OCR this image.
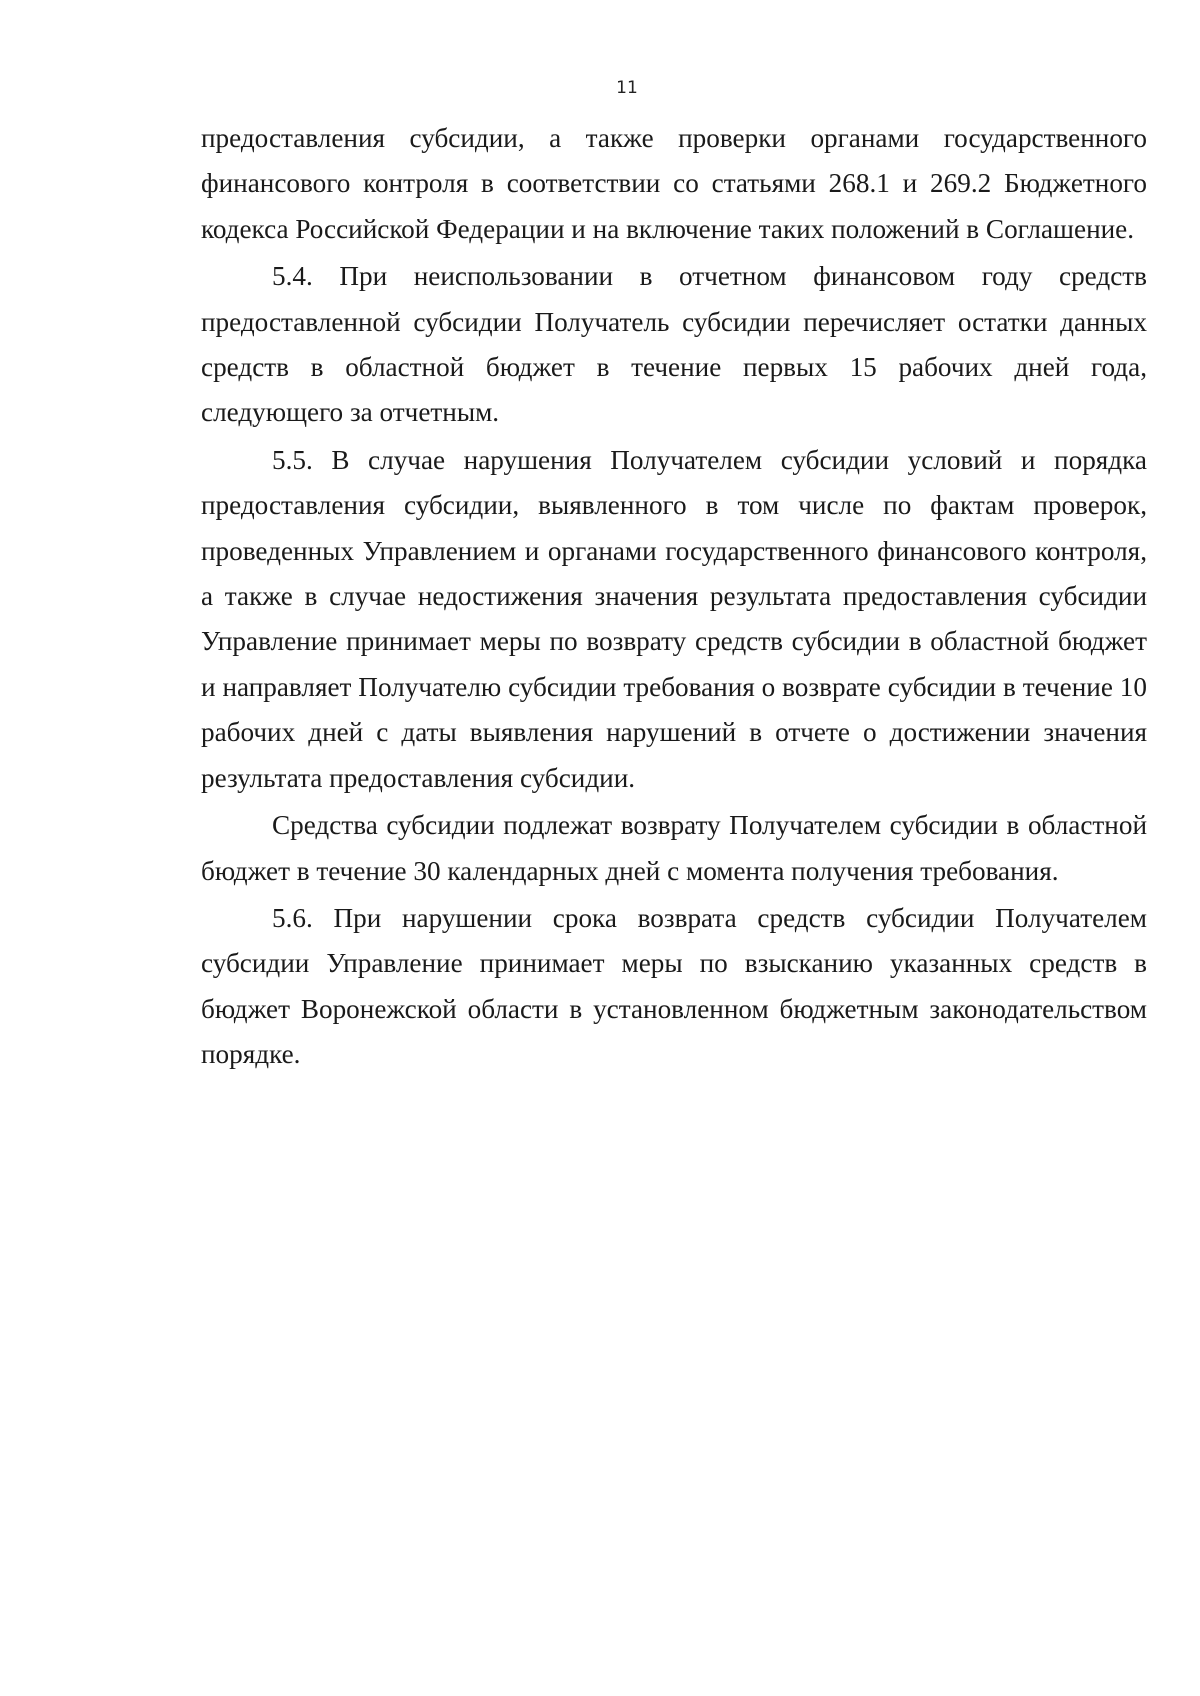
11

предоставления субсидии, а также проверки органами государственного финансового контроля в соответствии со статьями 268.1 и 269.2 Бюджетного кодекса Российской Федерации и на включение таких положений в Соглашение.

5.4. При неиспользовании в отчетном финансовом году средств предоставленной субсидии Получатель субсидии перечисляет остатки данных средств в областной бюджет в течение первых 15 рабочих дней года, следующего за отчетным.

5.5. В случае нарушения Получателем субсидии условий и порядка предоставления субсидии, выявленного в том числе по фактам проверок, проведенных Управлением и органами государственного финансового контроля, а также в случае недостижения значения результата предоставления субсидии Управление принимает меры по возврату средств субсидии в областной бюджет и направляет Получателю субсидии требования о возврате субсидии в течение 10 рабочих дней с даты выявления нарушений в отчете о достижении значения результата предоставления субсидии.

Средства субсидии подлежат возврату Получателем субсидии в областной бюджет в течение 30 календарных дней с момента получения требования.

5.6. При нарушении срока возврата средств субсидии Получателем субсидии Управление принимает меры по взысканию указанных средств в бюджет Воронежской области в установленном бюджетным законодательством порядке.
